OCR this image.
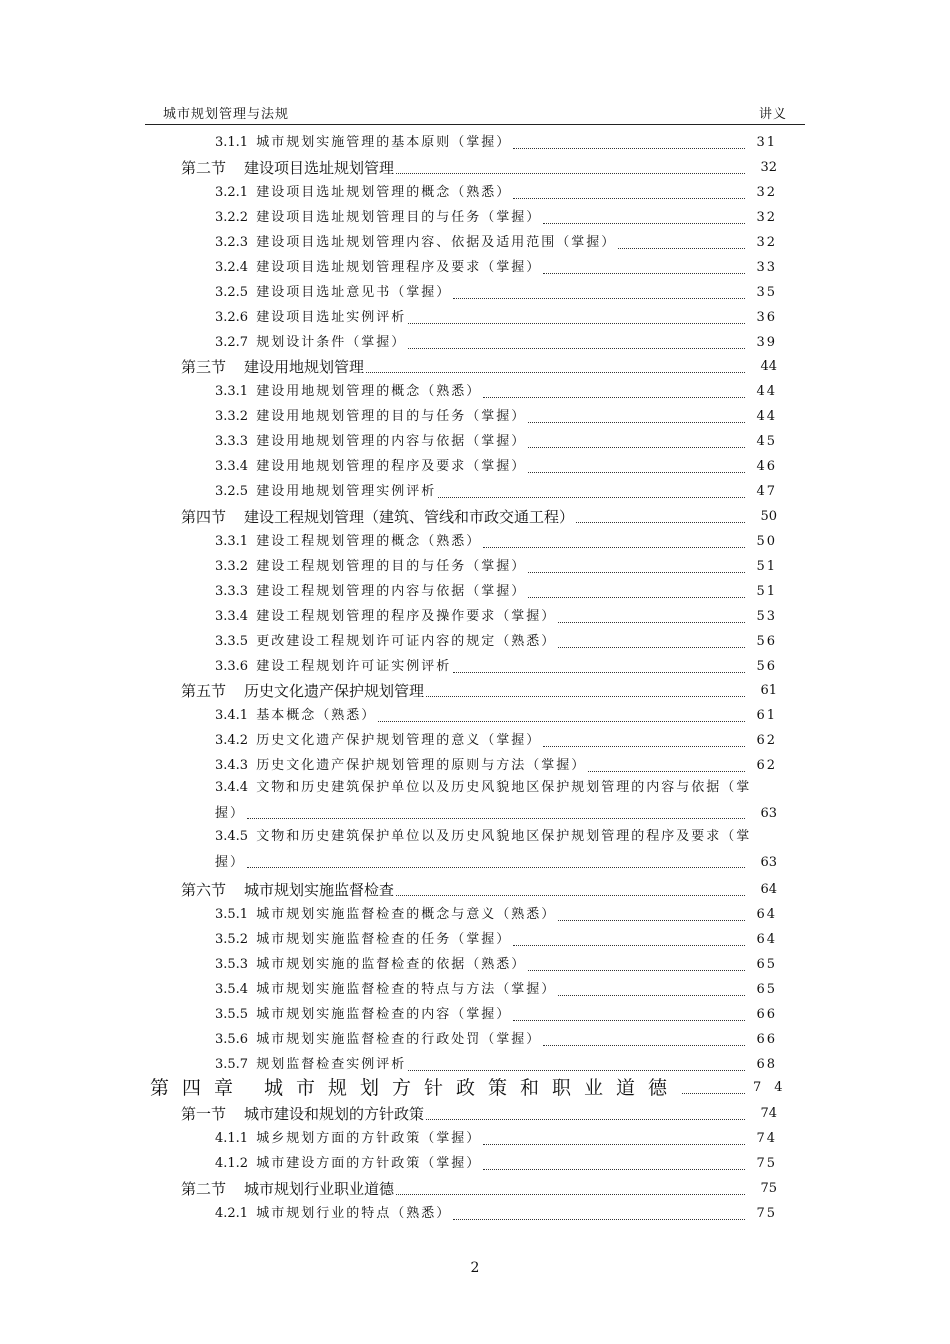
城市规划管理与法规	讲义
3.1.1 城市规划实施管理的基本原则（掌握）	31
第二节 建设项目选址规划管理	32
3.2.1 建设项目选址规划管理的概念（熟悉）	32
3.2.2 建设项目选址规划管理目的与任务（掌握）	32
3.2.3 建设项目选址规划管理内容、依据及适用范围（掌握）	32
3.2.4 建设项目选址规划管理程序及要求（掌握）	33
3.2.5 建设项目选址意见书（掌握）	35
3.2.6 建设项目选址实例评析	36
3.2.7 规划设计条件（掌握）	39
第三节 建设用地规划管理	44
3.3.1 建设用地规划管理的概念（熟悉）	44
3.3.2 建设用地规划管理的目的与任务（掌握）	44
3.3.3 建设用地规划管理的内容与依据（掌握）	45
3.3.4 建设用地规划管理的程序及要求（掌握）	46
3.2.5 建设用地规划管理实例评析	47
第四节 建设工程规划管理（建筑、管线和市政交通工程）	50
3.3.1 建设工程规划管理的概念（熟悉）	50
3.3.2 建设工程规划管理的目的与任务（掌握）	51
3.3.3 建设工程规划管理的内容与依据（掌握）	51
3.3.4 建设工程规划管理的程序及操作要求（掌握）	53
3.3.5 更改建设工程规划许可证内容的规定（熟悉）	56
3.3.6 建设工程规划许可证实例评析	56
第五节 历史文化遗产保护规划管理	61
3.4.1 基本概念（熟悉）	61
3.4.2 历史文化遗产保护规划管理的意义（掌握）	62
3.4.3 历史文化遗产保护规划管理的原则与方法（掌握）	62
3.4.4 文物和历史建筑保护单位以及历史风貌地区保护规划管理的内容与依据（掌
握）	63
3.4.5 文物和历史建筑保护单位以及历史风貌地区保护规划管理的程序及要求（掌
握）	63
第六节 城市规划实施监督检查	64
3.5.1 城市规划实施监督检查的概念与意义（熟悉）	64
3.5.2 城市规划实施监督检查的任务（掌握）	64
3.5.3 城市规划实施的监督检查的依据（熟悉）	65
3.5.4 城市规划实施监督检查的特点与方法（掌握）	65
3.5.5 城市规划实施监督检查的内容（掌握）	66
3.5.6 城市规划实施监督检查的行政处罚（掌握）	66
3.5.7 规划监督检查实例评析	68
第四章 城市规划方针政策和职业道德	74
第一节 城市建设和规划的方针政策	74
4.1.1 城乡规划方面的方针政策（掌握）	74
4.1.2 城市建设方面的方针政策（掌握）	75
第二节 城市规划行业职业道德	75
4.2.1 城市规划行业的特点（熟悉）	75
2
